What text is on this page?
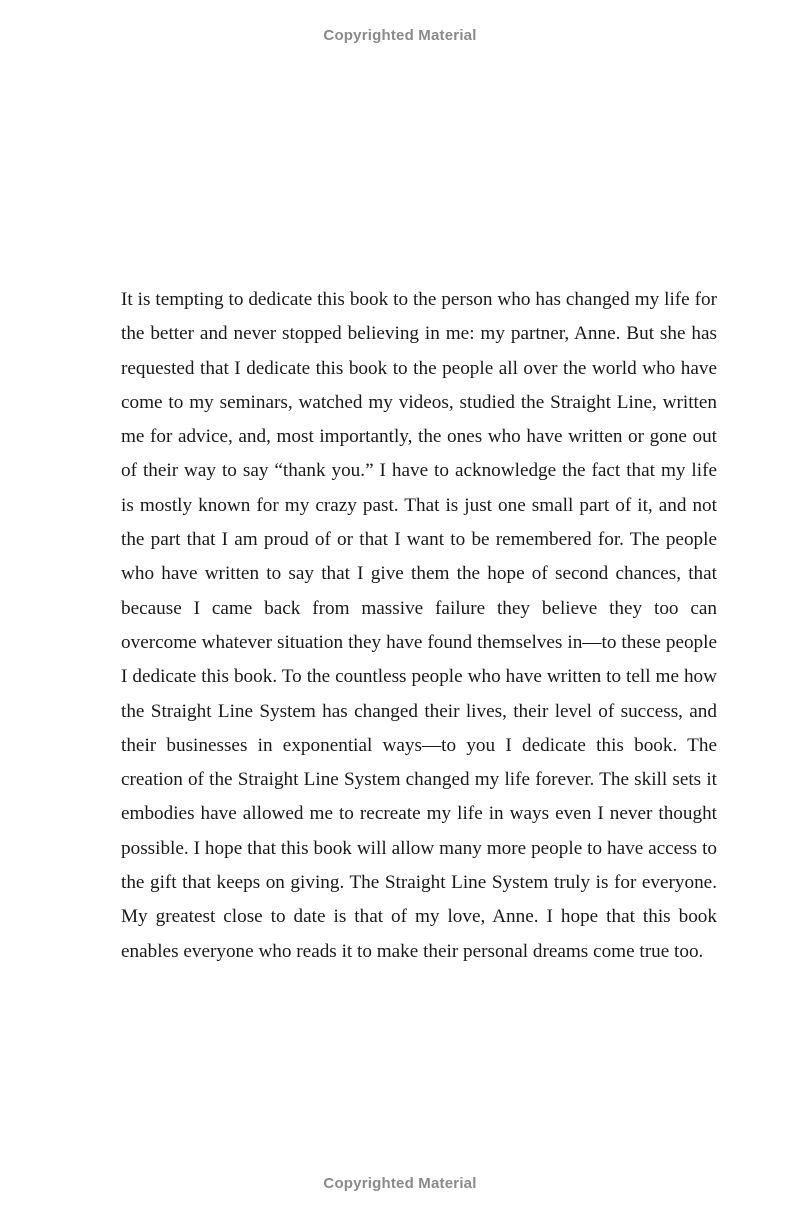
Copyrighted Material

It is tempting to dedicate this book to the person who has changed my life for the better and never stopped believing in me: my partner, Anne. But she has requested that I dedicate this book to the people all over the world who have come to my seminars, watched my videos, studied the Straight Line, written me for advice, and, most importantly, the ones who have written or gone out of their way to say “thank you.” I have to acknowledge the fact that my life is mostly known for my crazy past. That is just one small part of it, and not the part that I am proud of or that I want to be remembered for. The people who have written to say that I give them the hope of second chances, that because I came back from massive failure they believe they too can overcome whatever situation they have found themselves in—to these people I dedicate this book. To the countless people who have written to tell me how the Straight Line System has changed their lives, their level of success, and their businesses in exponential ways—to you I dedicate this book. The creation of the Straight Line System changed my life forever. The skill sets it embodies have allowed me to recreate my life in ways even I never thought possible. I hope that this book will allow many more people to have access to the gift that keeps on giving. The Straight Line System truly is for everyone. My greatest close to date is that of my love, Anne. I hope that this book enables everyone who reads it to make their personal dreams come true too.

Copyrighted Material
